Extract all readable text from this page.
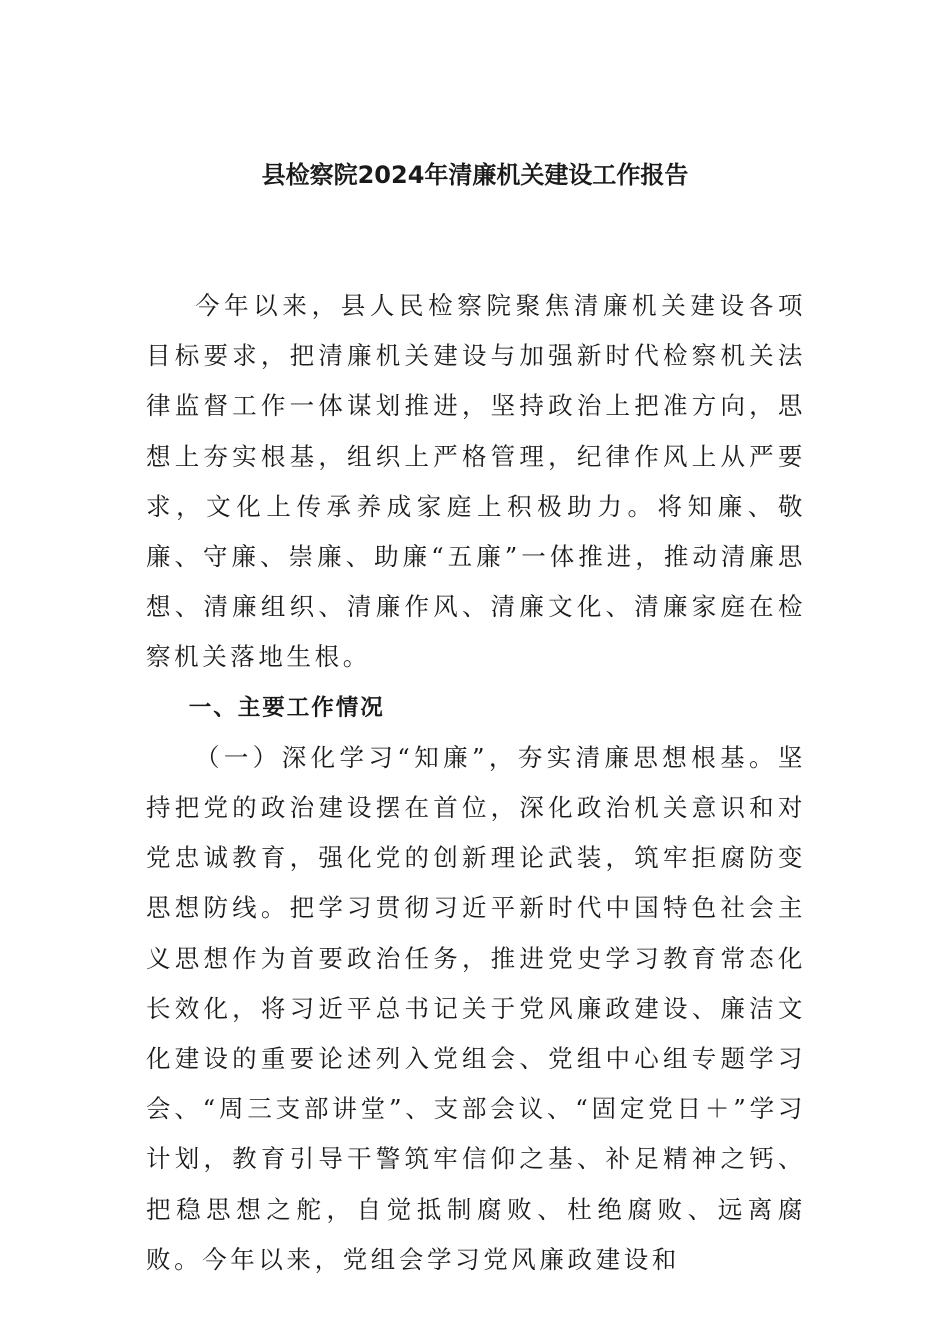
县检察院2024年清廉机关建设工作报告

今年以来，县人民检察院聚焦清廉机关建设各项目标要求，把清廉机关建设与加强新时代检察机关法律监督工作一体谋划推进，坚持政治上把准方向，思想上夯实根基，组织上严格管理，纪律作风上从严要求，文化上传承养成家庭上积极助力。将知廉、敬廉、守廉、崇廉、助廉“五廉”一体推进，推动清廉思想、清廉组织、清廉作风、清廉文化、清廉家庭在检察机关落地生根。

一、主要工作情况

（一）深化学习“知廉”，夯实清廉思想根基。坚持把党的政治建设摆在首位，深化政治机关意识和对党忠诚教育，强化党的创新理论武装，筑牢拒腐防变思想防线。把学习贯彻习近平新时代中国特色社会主义思想作为首要政治任务，推进党史学习教育常态化长效化，将习近平总书记关于党风廉政建设、廉洁文化建设的重要论述列入党组会、党组中心组专题学习会、“周三支部讲堂”、支部会议、“固定党日＋”学习计划，教育引导干警筑牢信仰之基、补足精神之钙、把稳思想之舵，自觉抵制腐败、杜绝腐败、远离腐败。今年以来，党组会学习党风廉政建设和
